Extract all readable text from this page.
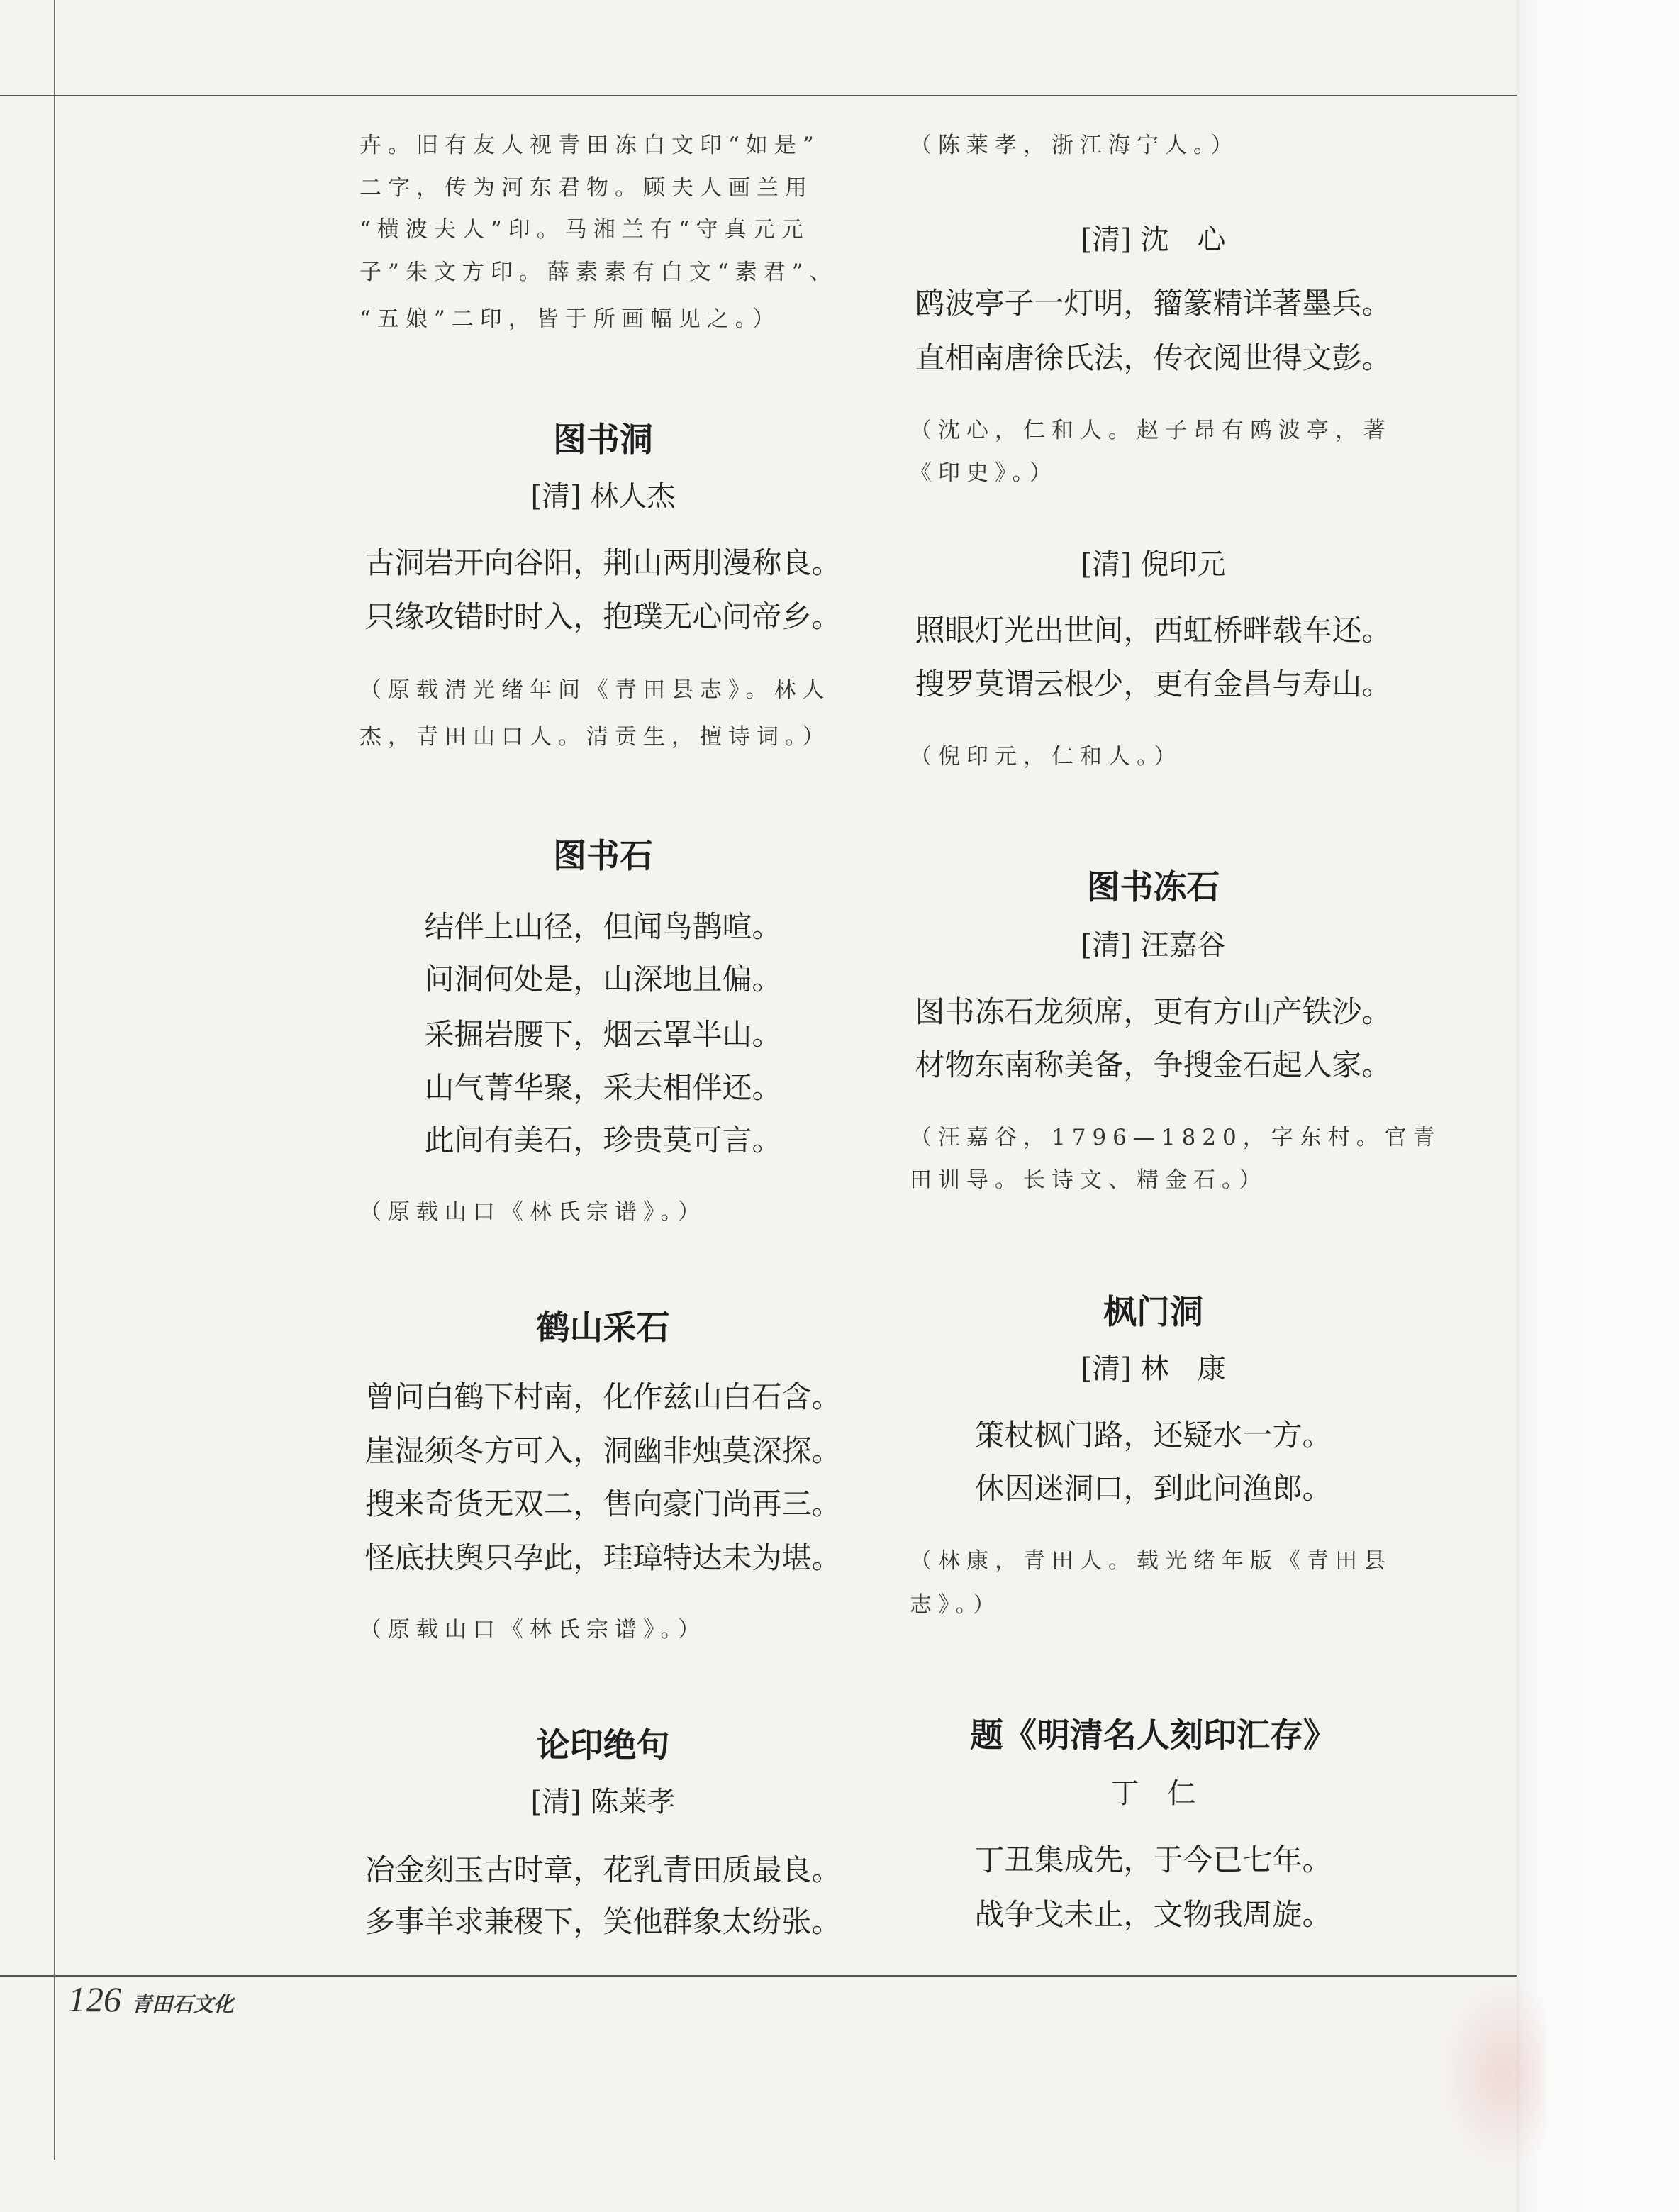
卉。旧有友人视青田冻白文印“如是”
二字，传为河东君物。顾夫人画兰用
“横波夫人”印。马湘兰有“守真元元
子”朱文方印。薛素素有白文“素君”、
“五娘”二印，皆于所画幅见之。）
图书洞
[清] 林人杰
古洞岩开向谷阳，荆山两刖漫称良。
只缘攻错时时入，抱璞无心问帝乡。
（原载清光绪年间《青田县志》。林人
杰，青田山口人。清贡生，擅诗词。）
图书石
结伴上山径，但闻鸟鹊喧。
问洞何处是，山深地且偏。
采掘岩腰下，烟云罩半山。
山气菁华聚，采夫相伴还。
此间有美石，珍贵莫可言。
（原载山口《林氏宗谱》。）
鹤山采石
曾问白鹤下村南，化作兹山白石含。
崖湿须冬方可入，洞幽非烛莫深探。
搜来奇货无双二，售向豪门尚再三。
怪底扶舆只孕此，珪璋特达未为堪。
（原载山口《林氏宗谱》。）
论印绝句
[清] 陈莱孝
冶金刻玉古时章，花乳青田质最良。
多事羊求兼稷下，笑他群象太纷张。
（陈莱孝，浙江海宁人。）
[清] 沈　心
鸥波亭子一灯明，籀篆精详著墨兵。
直相南唐徐氏法，传衣阅世得文彭。
（沈心，仁和人。赵子昂有鸥波亭，著
《印史》。）
[清] 倪印元
照眼灯光出世间，西虹桥畔载车还。
搜罗莫谓云根少，更有金昌与寿山。
（倪印元，仁和人。）
图书冻石
[清] 汪嘉谷
图书冻石龙须席，更有方山产铁沙。
材物东南称美备，争搜金石起人家。
（汪嘉谷，1796—1820，字东村。官青
田训导。长诗文、精金石。）
枫门洞
[清] 林　康
策杖枫门路，还疑水一方。
休因迷洞口，到此问渔郎。
（林康，青田人。载光绪年版《青田县
志》。）
题《明清名人刻印汇存》
丁　仁
丁丑集成先，于今已七年。
战争戈未止，文物我周旋。
126 青田石文化
